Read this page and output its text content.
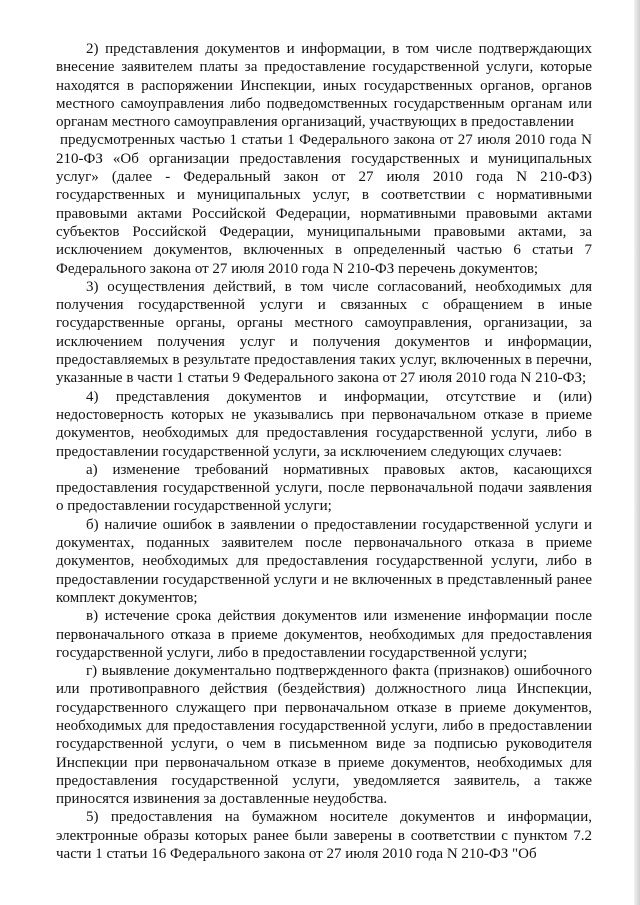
2) представления документов и информации, в том числе подтверждающих внесение заявителем платы за предоставление государственной услуги, которые находятся в распоряжении Инспекции, иных государственных органов, органов местного самоуправления либо подведомственных государственным органам или органам местного самоуправления организаций, участвующих в предоставлении

предусмотренных частью 1 статьи 1 Федерального закона от 27 июля 2010 года N 210-ФЗ «Об организации предоставления государственных и муниципальных услуг» (далее - Федеральный закон от 27 июля 2010 года N 210-ФЗ) государственных и муниципальных услуг, в соответствии с нормативными правовыми актами Российской Федерации, нормативными правовыми актами субъектов Российской Федерации, муниципальными правовыми актами, за исключением документов, включенных в определенный частью 6 статьи 7 Федерального закона от 27 июля 2010 года N 210-ФЗ перечень документов;

3) осуществления действий, в том числе согласований, необходимых для получения государственной услуги и связанных с обращением в иные государственные органы, органы местного самоуправления, организации, за исключением получения услуг и получения документов и информации, предоставляемых в результате предоставления таких услуг, включенных в перечни, указанные в части 1 статьи 9 Федерального закона от 27 июля 2010 года N 210-ФЗ;

4) представления документов и информации, отсутствие и (или) недостоверность которых не указывались при первоначальном отказе в приеме документов, необходимых для предоставления государственной услуги, либо в предоставлении государственной услуги, за исключением следующих случаев:

а) изменение требований нормативных правовых актов, касающихся предоставления государственной услуги, после первоначальной подачи заявления о предоставлении государственной услуги;

б) наличие ошибок в заявлении о предоставлении государственной услуги и документах, поданных заявителем после первоначального отказа в приеме документов, необходимых для предоставления государственной услуги, либо в предоставлении государственной услуги и не включенных в представленный ранее комплект документов;

в) истечение срока действия документов или изменение информации после первоначального отказа в приеме документов, необходимых для предоставления государственной услуги, либо в предоставлении государственной услуги;

г) выявление документально подтвержденного факта (признаков) ошибочного или противоправного действия (бездействия) должностного лица Инспекции, государственного служащего при первоначальном отказе в приеме документов, необходимых для предоставления государственной услуги, либо в предоставлении государственной услуги, о чем в письменном виде за подписью руководителя Инспекции при первоначальном отказе в приеме документов, необходимых для предоставления государственной услуги, уведомляется заявитель, а также приносятся извинения за доставленные неудобства.

5) предоставления на бумажном носителе документов и информации, электронные образы которых ранее были заверены в соответствии с пунктом 7.2 части 1 статьи 16 Федерального закона от 27 июля 2010 года N 210-ФЗ "Об
